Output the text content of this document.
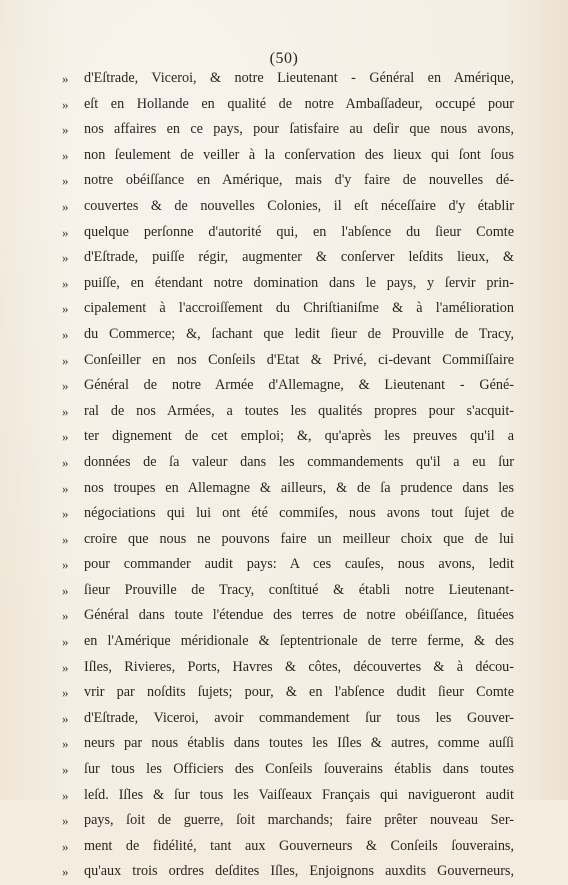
(50)
» d'Eſtrade, Viceroi, & notre Lieutenant - Général en Amérique,
» eſt en Hollande en qualité de notre Ambaſſadeur, occupé pour
» nos affaires en ce pays, pour ſatisfaire au deſir que nous avons,
» non ſeulement de veiller à la conſervation des lieux qui ſont ſous
» notre obéiſſance en Amérique, mais d'y faire de nouvelles dé-
» couvertes & de nouvelles Colonies, il eſt néceſſaire d'y établir
» quelque perſonne d'autorité qui, en l'abſence du ſieur Comte
» d'Eſtrade, puiſſe régir, augmenter & conſerver leſdits lieux, &
» puiſſe, en étendant notre domination dans le pays, y ſervir prin-
» cipalement à l'accroiſſement du Chriſtianiſme & à l'amélioration
» du Commerce; &, ſachant que ledit ſieur de Prouville de Tracy,
» Conſeiller en nos Conſeils d'Etat & Privé, ci-devant Commiſſaire
» Général de notre Armée d'Allemagne, & Lieutenant - Géné-
» ral de nos Armées, a toutes les qualités propres pour s'acquit-
» ter dignement de cet emploi; &, qu'après les preuves qu'il a
» données de ſa valeur dans les commandements qu'il a eu ſur
» nos troupes en Allemagne & ailleurs, & de ſa prudence dans les
» négociations qui lui ont été commiſes, nous avons tout ſujet de
» croire que nous ne pouvons faire un meilleur choix que de lui
» pour commander audit pays: A ces cauſes, nous avons, ledit
» ſieur Prouville de Tracy, conſtitué & établi notre Lieutenant-
» Général dans toute l'étendue des terres de notre obéiſſance, ſituées
» en l'Amérique méridionale & ſeptentrionale de terre ferme, & des
» Iſles, Rivieres, Ports, Havres & côtes, découvertes & à décou-
» vrir par noſdits ſujets; pour, & en l'abſence dudit ſieur Comte
» d'Eſtrade, Viceroi, avoir commandement ſur tous les Gouver-
» neurs par nous établis dans toutes les Iſles & autres, comme auſſi
» ſur tous les Officiers des Conſeils ſouverains établis dans toutes
» leſd. Iſles & ſur tous les Vaiſſeaux Français qui navigueront audit
» pays, ſoit de guerre, ſoit marchands; faire prêter nouveau Ser-
» ment de fidélité, tant aux Gouverneurs & Conſeils ſouverains,
» qu'aux trois ordres deſdites Iſles, Enjoignons auxdits Gouverneurs,
